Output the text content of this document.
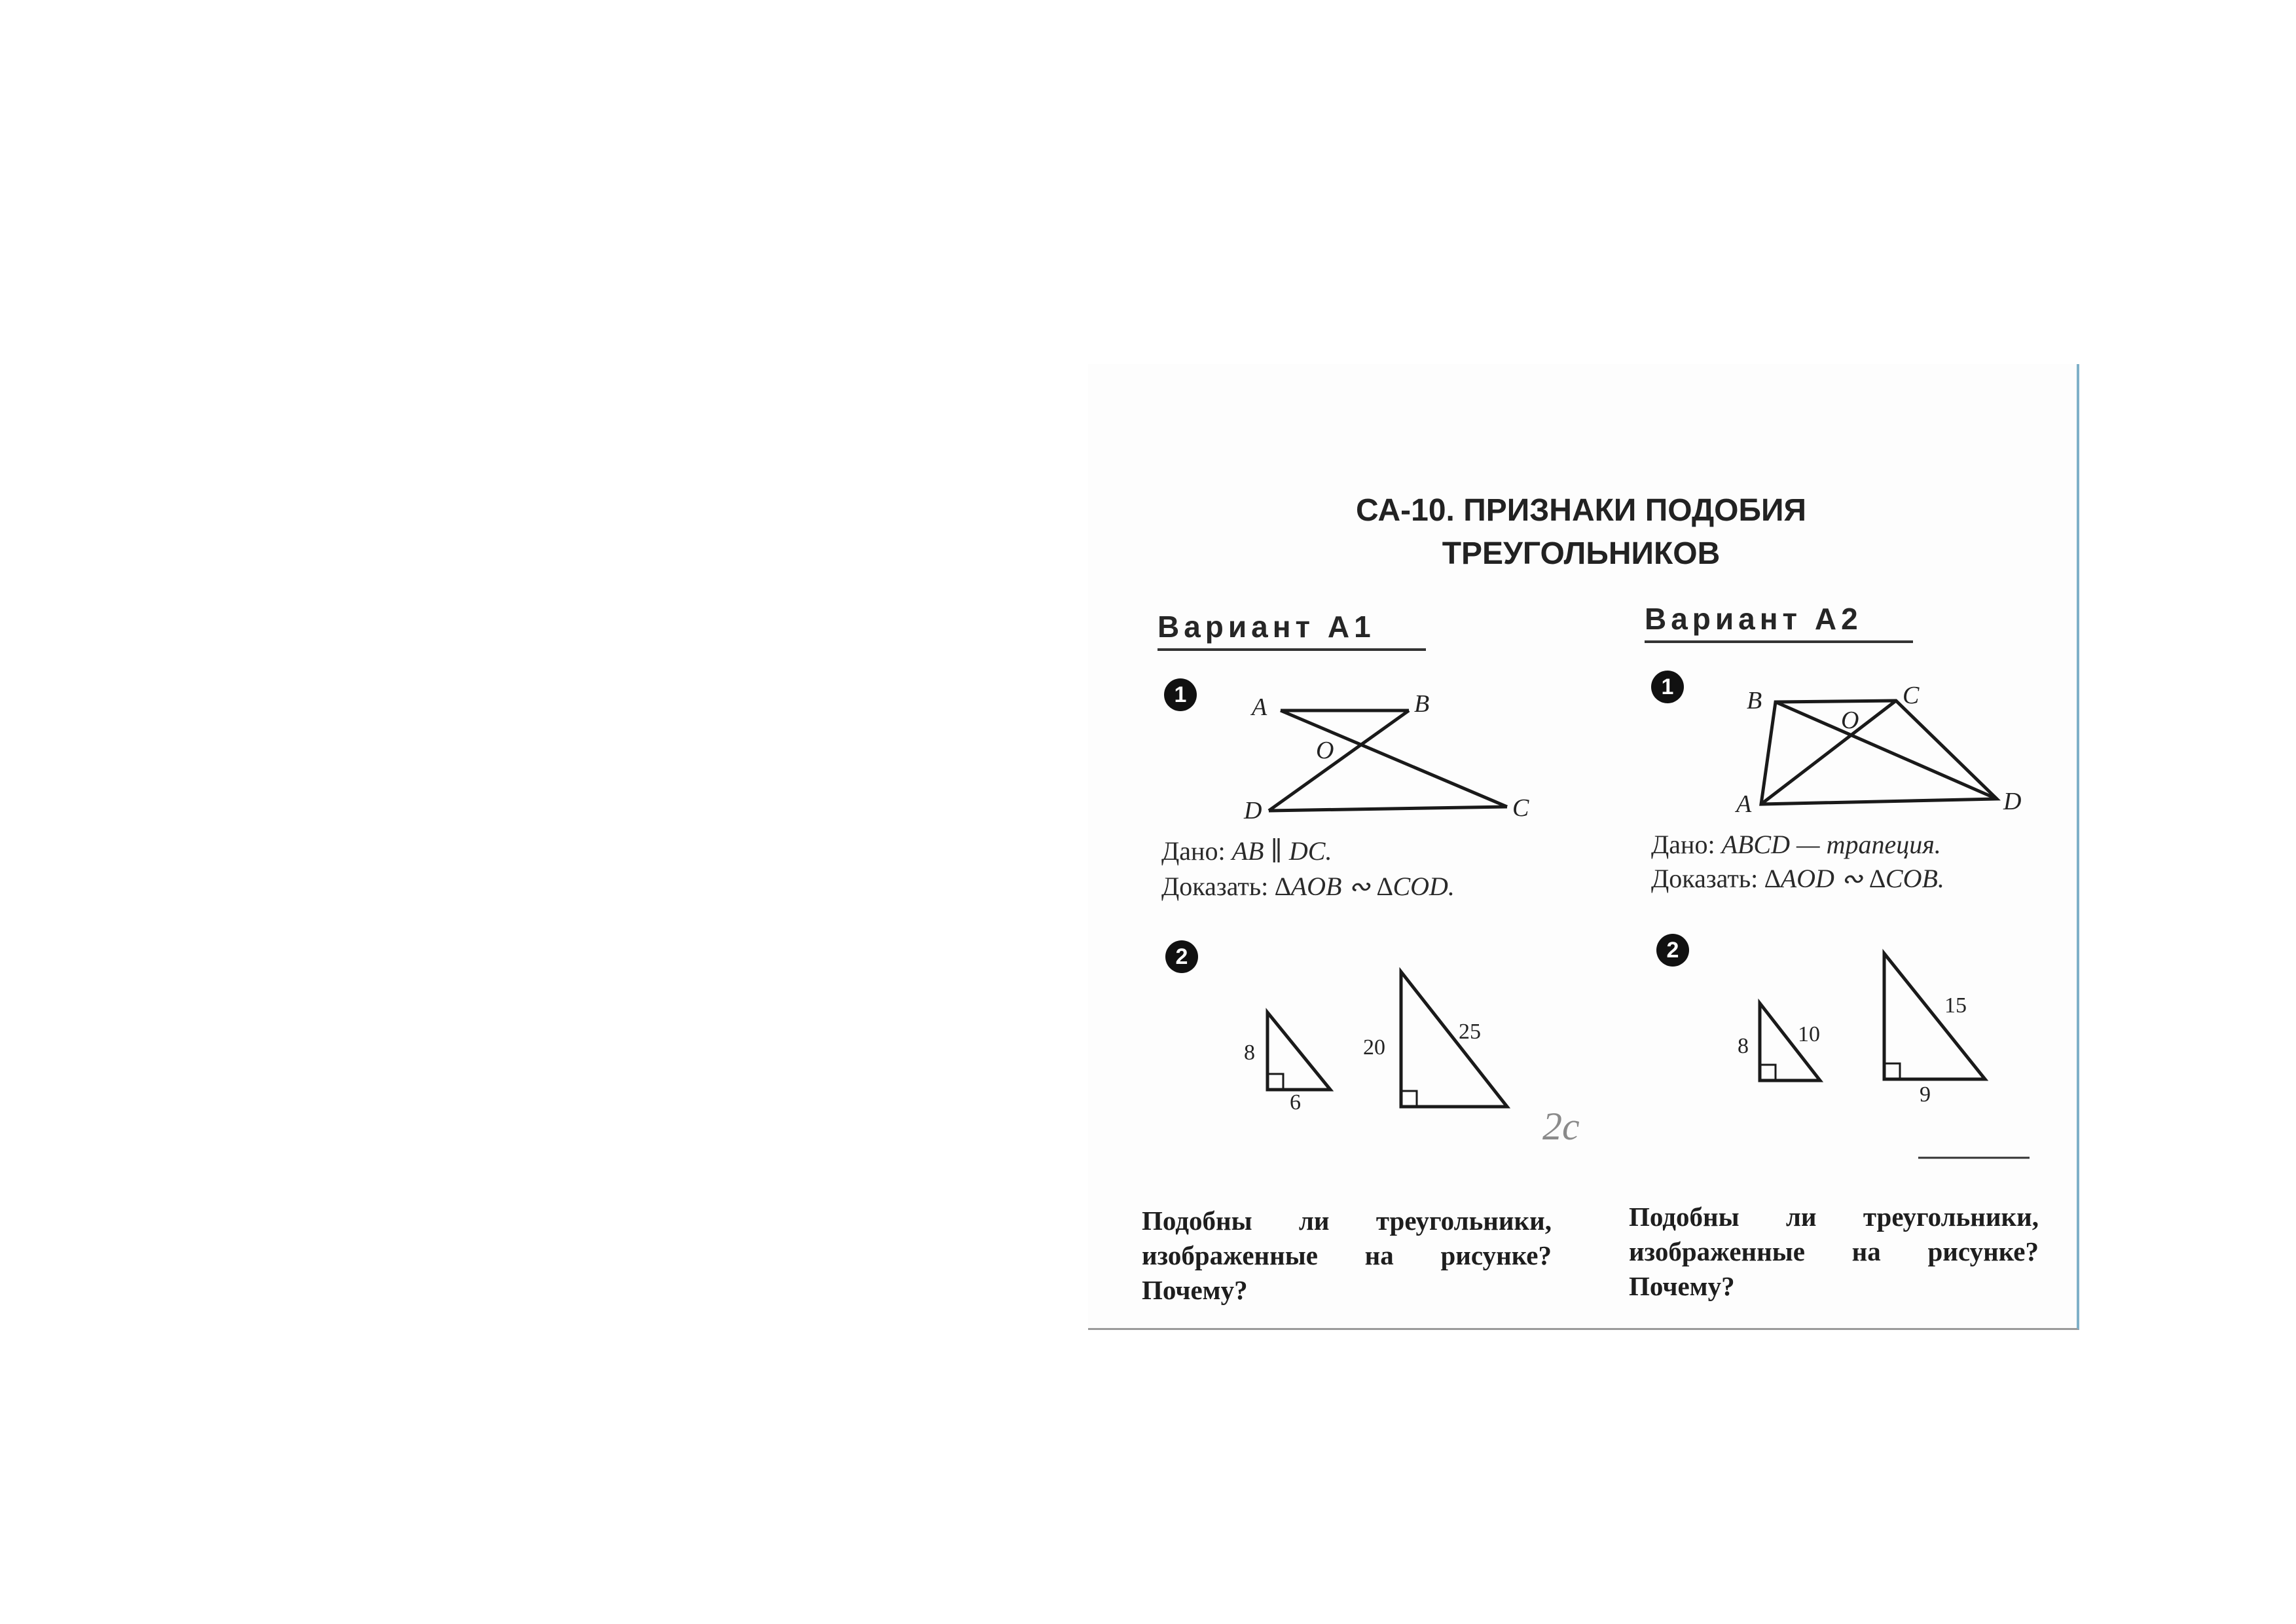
СА-10. ПРИЗНАКИ ПОДОБИЯ
ТРЕУГОЛЬНИКОВ
Вариант А1	Вариант А2
1	1
2	2
A	B
O
D	C
B	C
O
A	D
8
6
20
25
2с
8 10
15
9
Дано: AB ∥ DC.
Доказать: ∆AOB ∾ ∆COD.
Дано: ABCD — трапеция.
Доказать: ∆AOD ∾ ∆COB.
Подобны ли треугольники,
изображенные на рисунке?
Почему?
Подобны ли треугольники,
изображенные на рисунке?
Почему?
